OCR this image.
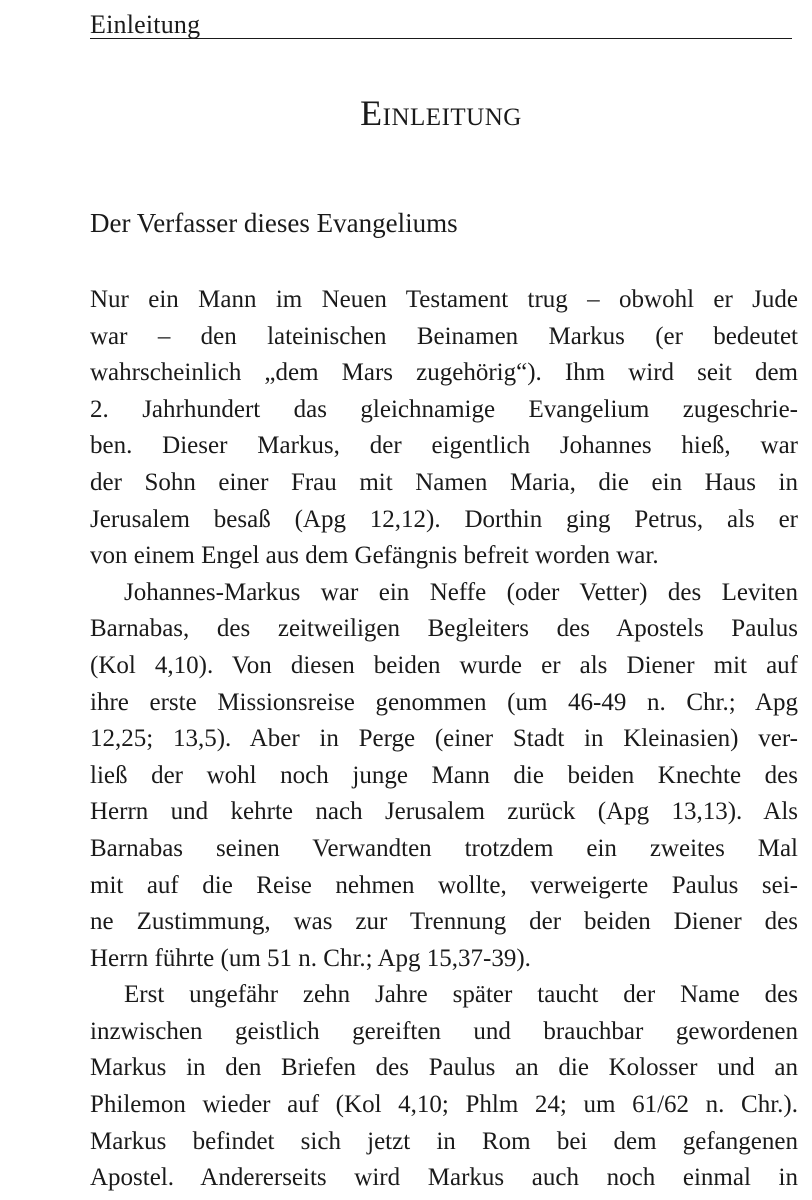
Einleitung
Einleitung
Der Verfasser dieses Evangeliums

Nur ein Mann im Neuen Testament trug – obwohl er Jude
war – den lateinischen Beinamen Markus (er bedeutet
wahrscheinlich „dem Mars zugehörig“). Ihm wird seit dem
2. Jahrhundert das gleichnamige Evangelium zugeschrie-
ben. Dieser Markus, der eigentlich Johannes hieß, war
der Sohn einer Frau mit Namen Maria, die ein Haus in
Jerusalem besaß (Apg 12,12). Dorthin ging Petrus, als er
von einem Engel aus dem Gefängnis befreit worden war.

Johannes-Markus war ein Neffe (oder Vetter) des Leviten
Barnabas, des zeitweiligen Begleiters des Apostels Paulus
(Kol 4,10). Von diesen beiden wurde er als Diener mit auf
ihre erste Missionsreise genommen (um 46-49 n. Chr.; Apg
12,25; 13,5). Aber in Perge (einer Stadt in Kleinasien) ver-
ließ der wohl noch junge Mann die beiden Knechte des
Herrn und kehrte nach Jerusalem zurück (Apg 13,13). Als
Barnabas seinen Verwandten trotzdem ein zweites Mal
mit auf die Reise nehmen wollte, verweigerte Paulus sei-
ne Zustimmung, was zur Trennung der beiden Diener des
Herrn führte (um 51 n. Chr.; Apg 15,37-39).

Erst ungefähr zehn Jahre später taucht der Name des
inzwischen geistlich gereiften und brauchbar gewordenen
Markus in den Briefen des Paulus an die Kolosser und an
Philemon wieder auf (Kol 4,10; Phlm 24; um 61/62 n. Chr.).
Markus befindet sich jetzt in Rom bei dem gefangenen
Apostel. Andererseits wird Markus auch noch einmal in
